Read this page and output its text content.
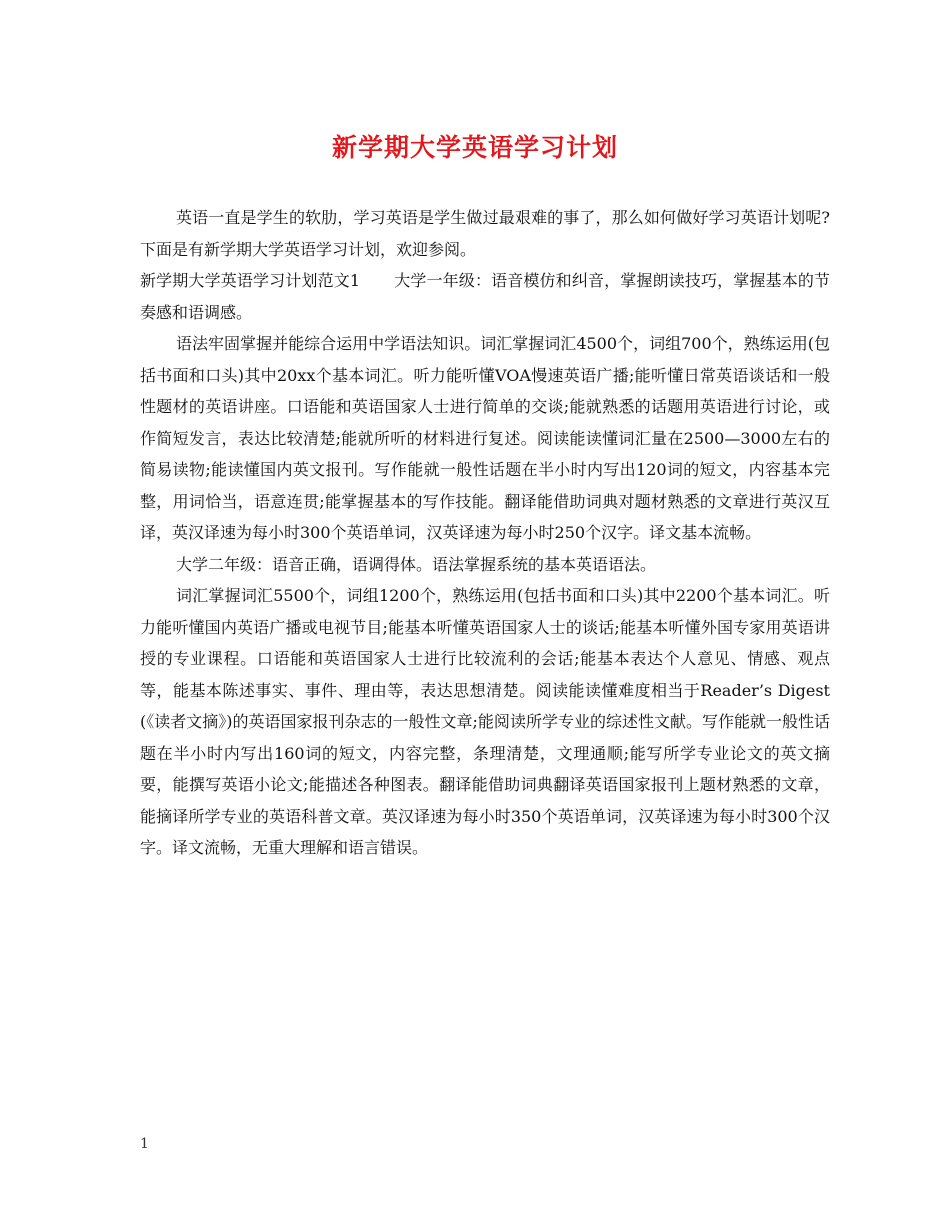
新学期大学英语学习计划

英语一直是学生的软肋，学习英语是学生做过最艰难的事了，那么如何做好学习英语计划呢?下面是有新学期大学英语学习计划，欢迎参阅。

新学期大学英语学习计划范文1 大学一年级：语音模仿和纠音，掌握朗读技巧，掌握基本的节奏感和语调感。

语法牢固掌握并能综合运用中学语法知识。词汇掌握词汇4500个，词组700个，熟练运用(包括书面和口头)其中20xx个基本词汇。听力能听懂VOA慢速英语广播;能听懂日常英语谈话和一般性题材的英语讲座。口语能和英语国家人士进行简单的交谈;能就熟悉的话题用英语进行讨论，或作简短发言，表达比较清楚;能就所听的材料进行复述。阅读能读懂词汇量在2500—3000左右的简易读物;能读懂国内英文报刊。写作能就一般性话题在半小时内写出120词的短文，内容基本完整，用词恰当，语意连贯;能掌握基本的写作技能。翻译能借助词典对题材熟悉的文章进行英汉互译，英汉译速为每小时300个英语单词，汉英译速为每小时250个汉字。译文基本流畅。

大学二年级：语音正确，语调得体。语法掌握系统的基本英语语法。

词汇掌握词汇5500个，词组1200个，熟练运用(包括书面和口头)其中2200个基本词汇。听力能听懂国内英语广播或电视节目;能基本听懂英语国家人士的谈话;能基本听懂外国专家用英语讲授的专业课程。口语能和英语国家人士进行比较流利的会话;能基本表达个人意见、情感、观点等，能基本陈述事实、事件、理由等，表达思想清楚。阅读能读懂难度相当于Reader’s Digest (《读者文摘》)的英语国家报刊杂志的一般性文章;能阅读所学专业的综述性文献。写作能就一般性话题在半小时内写出160词的短文，内容完整，条理清楚，文理通顺;能写所学专业论文的英文摘要，能撰写英语小论文;能描述各种图表。翻译能借助词典翻译英语国家报刊上题材熟悉的文章，能摘译所学专业的英语科普文章。英汉译速为每小时350个英语单词，汉英译速为每小时300个汉字。译文流畅，无重大理解和语言错误。

1
